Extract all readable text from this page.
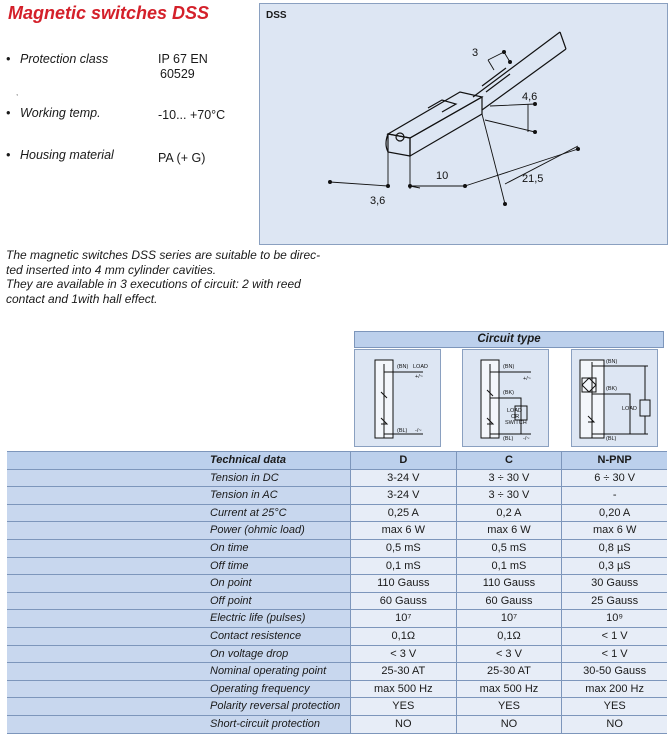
Magnetic switches DSS
• Protection class	IP 67 EN
60529
,
• Working temp.	-10... +70°C
• Housing material	PA (+ G)
DSS
3
4,6
10	21,5
3,6
The magnetic switches DSS series are suitable to be direc-
ted inserted into 4 mm cylinder cavities.
They are available in 3 executions of circuit: 2 with reed
contact and 1with hall effect.
Circuit type
(BN) LOAD
+/~
(BL) -/~
(BN)
+/~
(BK)
LOAD
OR
SWITCH
(BL) -/~
(BN)
(BK)
LOAD
(BL)
Technical data	D	C	N-PNP
Tension in DC	3-24 V	3 ÷ 30 V	6 ÷ 30 V
Tension in AC	3-24 V	3 ÷ 30 V	-
Current at 25°C	0,25 A	0,2 A	0,20 A
Power (ohmic load)	max 6 W	max 6 W	max 6 W
On time	0,5 mS	0,5 mS	0,8 µS
Off time	0,1 mS	0,1 mS	0,3 µS
On point	110 Gauss	110 Gauss	30 Gauss
Off point	60 Gauss	60 Gauss	25 Gauss
Electric life (pulses)	10⁷	10⁷	10⁹
Contact resistence	0,1Ω	0,1Ω	< 1 V
On voltage drop	< 3 V	< 3 V	< 1 V
Nominal operating point	25-30 AT	25-30 AT	30-50 Gauss
Operating frequency	max 500 Hz	max 500 Hz	max 200 Hz
Polarity reversal protection	YES	YES	YES
Short-circuit protection	NO	NO	NO
